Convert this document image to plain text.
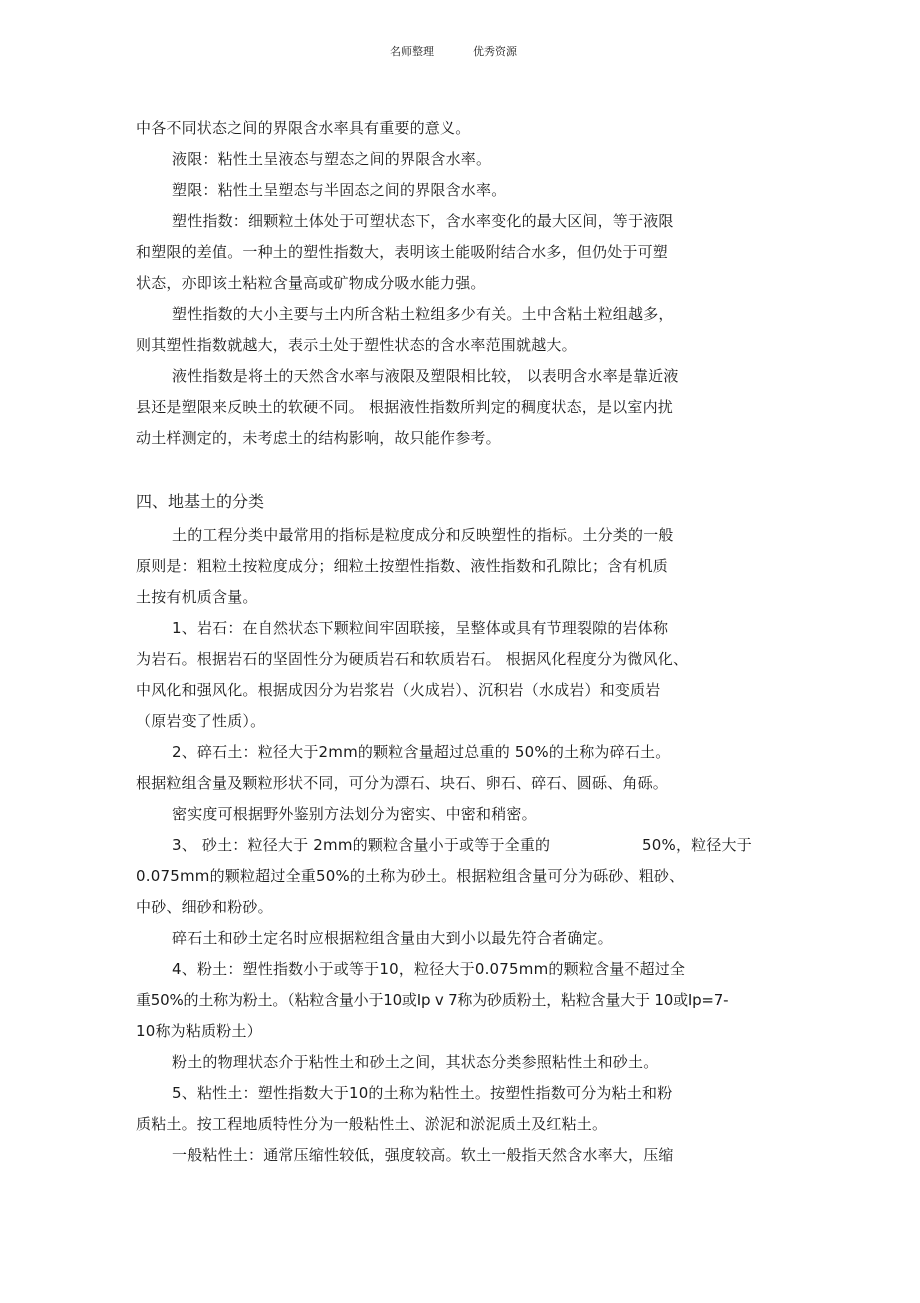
名师整理	优秀资源
中各不同状态之间的界限含水率具有重要的意义。
液限：粘性土呈液态与塑态之间的界限含水率。
塑限：粘性土呈塑态与半固态之间的界限含水率。
塑性指数：细颗粒土体处于可塑状态下，含水率变化的最大区间，等于液限
和塑限的差值。一种土的塑性指数大，表明该土能吸附结合水多，但仍处于可塑
状态，亦即该土粘粒含量高或矿物成分吸水能力强。
塑性指数的大小主要与土内所含粘土粒组多少有关。土中含粘土粒组越多，
则其塑性指数就越大，表示土处于塑性状态的含水率范围就越大。
液性指数是将土的天然含水率与液限及塑限相比较， 以表明含水率是靠近液
县还是塑限来反映土的软硬不同。 根据液性指数所判定的稠度状态，是以室内扰
动土样测定的，未考虑土的结构影响，故只能作参考。
四、地基土的分类
土的工程分类中最常用的指标是粒度成分和反映塑性的指标。土分类的一般
原则是：粗粒土按粒度成分；细粒土按塑性指数、液性指数和孔隙比；含有机质
土按有机质含量。
1、岩石：在自然状态下颗粒间牢固联接，呈整体或具有节理裂隙的岩体称
为岩石。根据岩石的坚固性分为硬质岩石和软质岩石。 根据风化程度分为微风化、
中风化和强风化。根据成因分为岩浆岩（火成岩）、沉积岩（水成岩）和变质岩
（原岩变了性质）。
2、碎石土：粒径大于2mm的颗粒含量超过总重的 50%的土称为碎石土。
根据粒组含量及颗粒形状不同，可分为漂石、块石、卵石、碎石、圆砾、角砾。
密实度可根据野外鉴别方法划分为密实、中密和稍密。
3、 砂土：粒径大于 2mm的颗粒含量小于或等于全重的	50%，粒径大于
0.075mm的颗粒超过全重50%的土称为砂土。根据粒组含量可分为砾砂、粗砂、
中砂、细砂和粉砂。
碎石土和砂土定名时应根据粒组含量由大到小以最先符合者确定。
4、粉土：塑性指数小于或等于10，粒径大于0.075mm的颗粒含量不超过全
重50%的土称为粉土。（粘粒含量小于10或Ip v 7称为砂质粉土，粘粒含量大于 10或Ip=7-
10称为粘质粉土）
粉土的物理状态介于粘性土和砂土之间，其状态分类参照粘性土和砂土。
5、粘性土：塑性指数大于10的土称为粘性土。按塑性指数可分为粘土和粉
质粘土。按工程地质特性分为一般粘性土、淤泥和淤泥质土及红粘土。
一般粘性土：通常压缩性较低，强度较高。软土一般指天然含水率大，压缩
